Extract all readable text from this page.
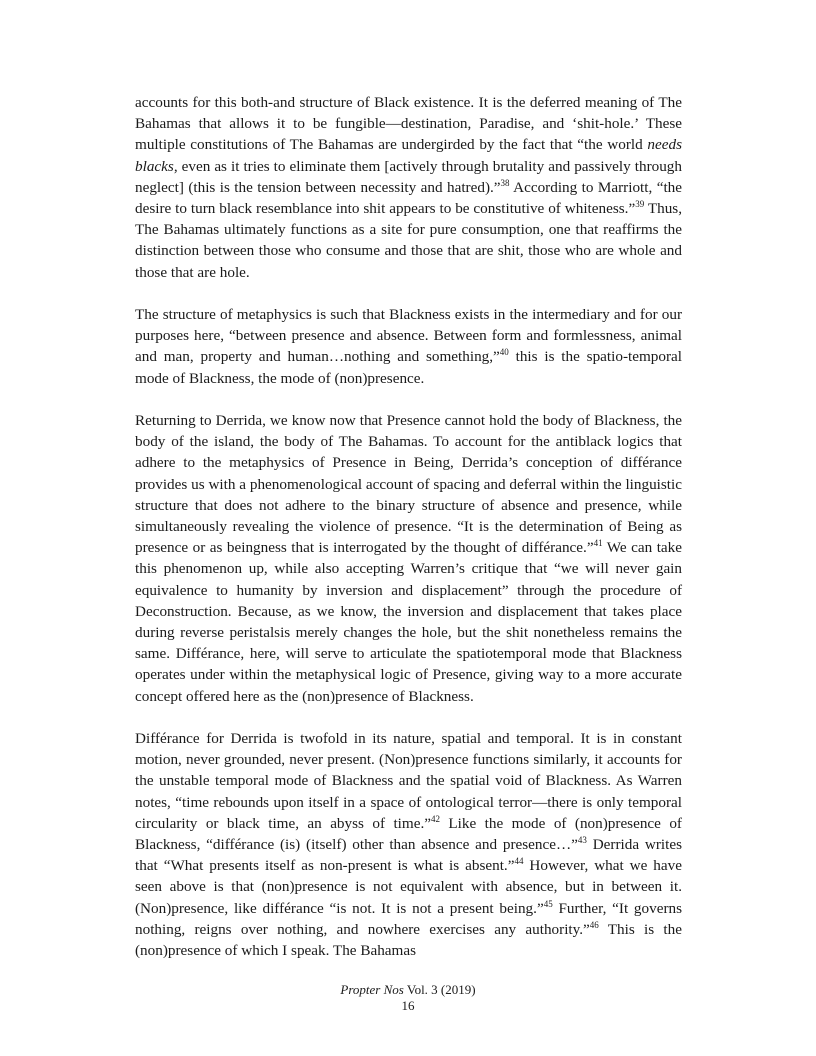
accounts for this both-and structure of Black existence. It is the deferred meaning of The Bahamas that allows it to be fungible—destination, Paradise, and ‘shit-hole.’ These multiple constitutions of The Bahamas are undergirded by the fact that “the world needs blacks, even as it tries to eliminate them [actively through brutality and passively through neglect] (this is the tension between necessity and hatred).”$^{38}$ According to Marriott, “the desire to turn black resemblance into shit appears to be constitutive of whiteness.”$^{39}$ Thus, The Bahamas ultimately functions as a site for pure consumption, one that reaffirms the distinction between those who consume and those that are shit, those who are whole and those that are hole.

The structure of metaphysics is such that Blackness exists in the intermediary and for our purposes here, “between presence and absence. Between form and formlessness, animal and man, property and human…nothing and something,”$^{40}$ this is the spatio-temporal mode of Blackness, the mode of (non)presence.

Returning to Derrida, we know now that Presence cannot hold the body of Blackness, the body of the island, the body of The Bahamas. To account for the antiblack logics that adhere to the metaphysics of Presence in Being, Derrida’s conception of différance provides us with a phenomenological account of spacing and deferral within the linguistic structure that does not adhere to the binary structure of absence and presence, while simultaneously revealing the violence of presence. “It is the determination of Being as presence or as beingness that is interrogated by the thought of différance.”$^{41}$ We can take this phenomenon up, while also accepting Warren’s critique that “we will never gain equivalence to humanity by inversion and displacement” through the procedure of Deconstruction. Because, as we know, the inversion and displacement that takes place during reverse peristalsis merely changes the hole, but the shit nonetheless remains the same. Différance, here, will serve to articulate the spatiotemporal mode that Blackness operates under within the metaphysical logic of Presence, giving way to a more accurate concept offered here as the (non)presence of Blackness.

Différance for Derrida is twofold in its nature, spatial and temporal. It is in constant motion, never grounded, never present. (Non)presence functions similarly, it accounts for the unstable temporal mode of Blackness and the spatial void of Blackness. As Warren notes, “time rebounds upon itself in a space of ontological terror—there is only temporal circularity or black time, an abyss of time.”$^{42}$ Like the mode of (non)presence of Blackness, “différance (is) (itself) other than absence and presence…”$^{43}$ Derrida writes that “What presents itself as non-present is what is absent.”$^{44}$ However, what we have seen above is that (non)presence is not equivalent with absence, but in between it. (Non)presence, like différance “is not. It is not a present being.”$^{45}$ Further, “It governs nothing, reigns over nothing, and nowhere exercises any authority.”$^{46}$ This is the (non)presence of which I speak. The Bahamas

Propter Nos Vol. 3 (2019)
16
